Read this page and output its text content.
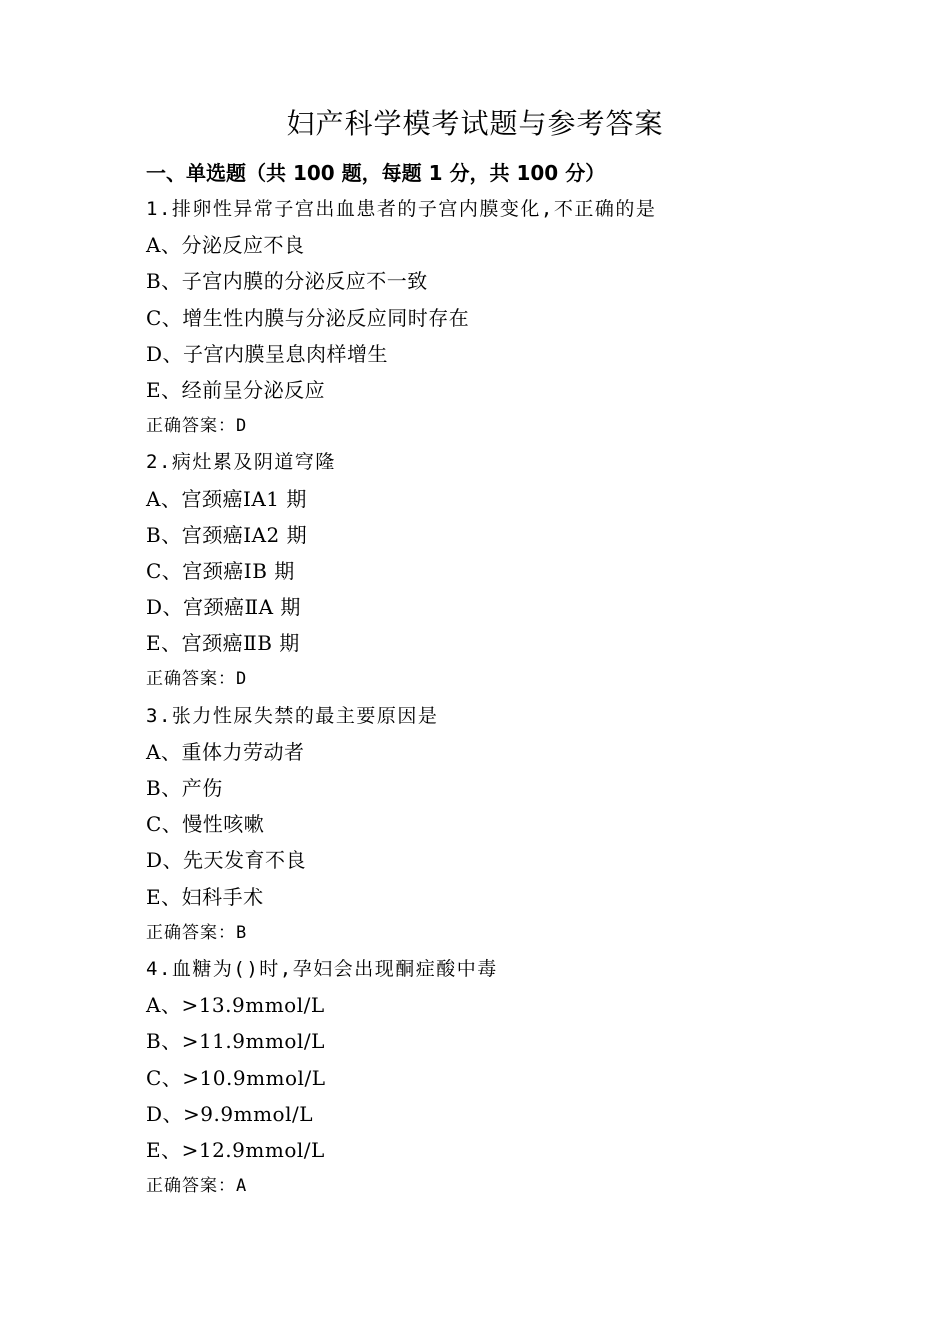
妇产科学模考试题与参考答案
一、单选题（共 100 题，每题 1 分，共 100 分）
1.排卵性异常子宫出血患者的子宫内膜变化,不正确的是
A、分泌反应不良
B、子宫内膜的分泌反应不一致
C、增生性内膜与分泌反应同时存在
D、子宫内膜呈息肉样增生
E、经前呈分泌反应
正确答案：D
2.病灶累及阴道穹隆
A、宫颈癌ⅠA1 期
B、宫颈癌ⅠA2 期
C、宫颈癌ⅠB 期
D、宫颈癌ⅡA 期
E、宫颈癌ⅡB 期
正确答案：D
3.张力性尿失禁的最主要原因是
A、重体力劳动者
B、产伤
C、慢性咳嗽
D、先天发育不良
E、妇科手术
正确答案：B
4.血糖为()时,孕妇会出现酮症酸中毒
A、>13.9mmol/L
B、>11.9mmol/L
C、>10.9mmol/L
D、>9.9mmol/L
E、>12.9mmol/L
正确答案：A
